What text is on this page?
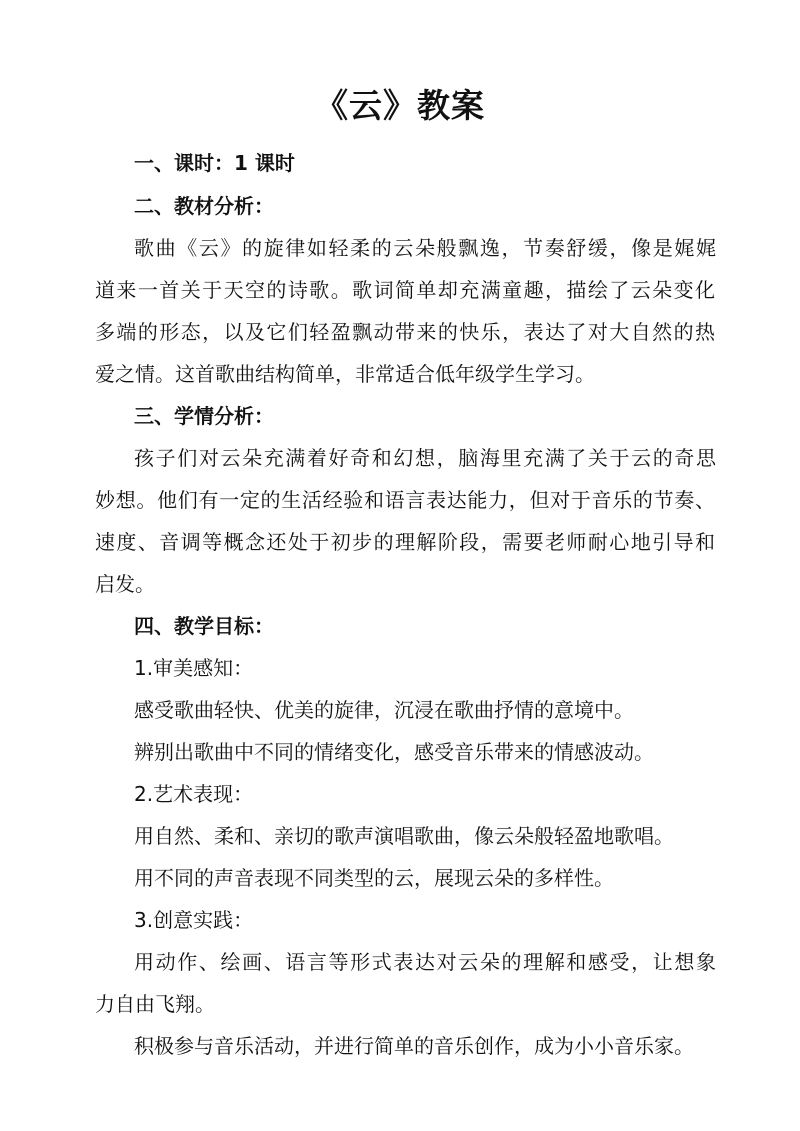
《云》教案
一、课时：1 课时
二、教材分析：
歌曲《云》的旋律如轻柔的云朵般飘逸，节奏舒缓，像是娓娓
道来一首关于天空的诗歌。歌词简单却充满童趣，描绘了云朵变化
多端的形态，以及它们轻盈飘动带来的快乐，表达了对大自然的热
爱之情。这首歌曲结构简单，非常适合低年级学生学习。
三、学情分析：
孩子们对云朵充满着好奇和幻想，脑海里充满了关于云的奇思
妙想。他们有一定的生活经验和语言表达能力，但对于音乐的节奏、
速度、音调等概念还处于初步的理解阶段，需要老师耐心地引导和
启发。
四、教学目标：
1.审美感知：
感受歌曲轻快、优美的旋律，沉浸在歌曲抒情的意境中。
辨别出歌曲中不同的情绪变化，感受音乐带来的情感波动。
2.艺术表现：
用自然、柔和、亲切的歌声演唱歌曲，像云朵般轻盈地歌唱。
用不同的声音表现不同类型的云，展现云朵的多样性。
3.创意实践：
用动作、绘画、语言等形式表达对云朵的理解和感受，让想象
力自由飞翔。
积极参与音乐活动，并进行简单的音乐创作，成为小小音乐家。
